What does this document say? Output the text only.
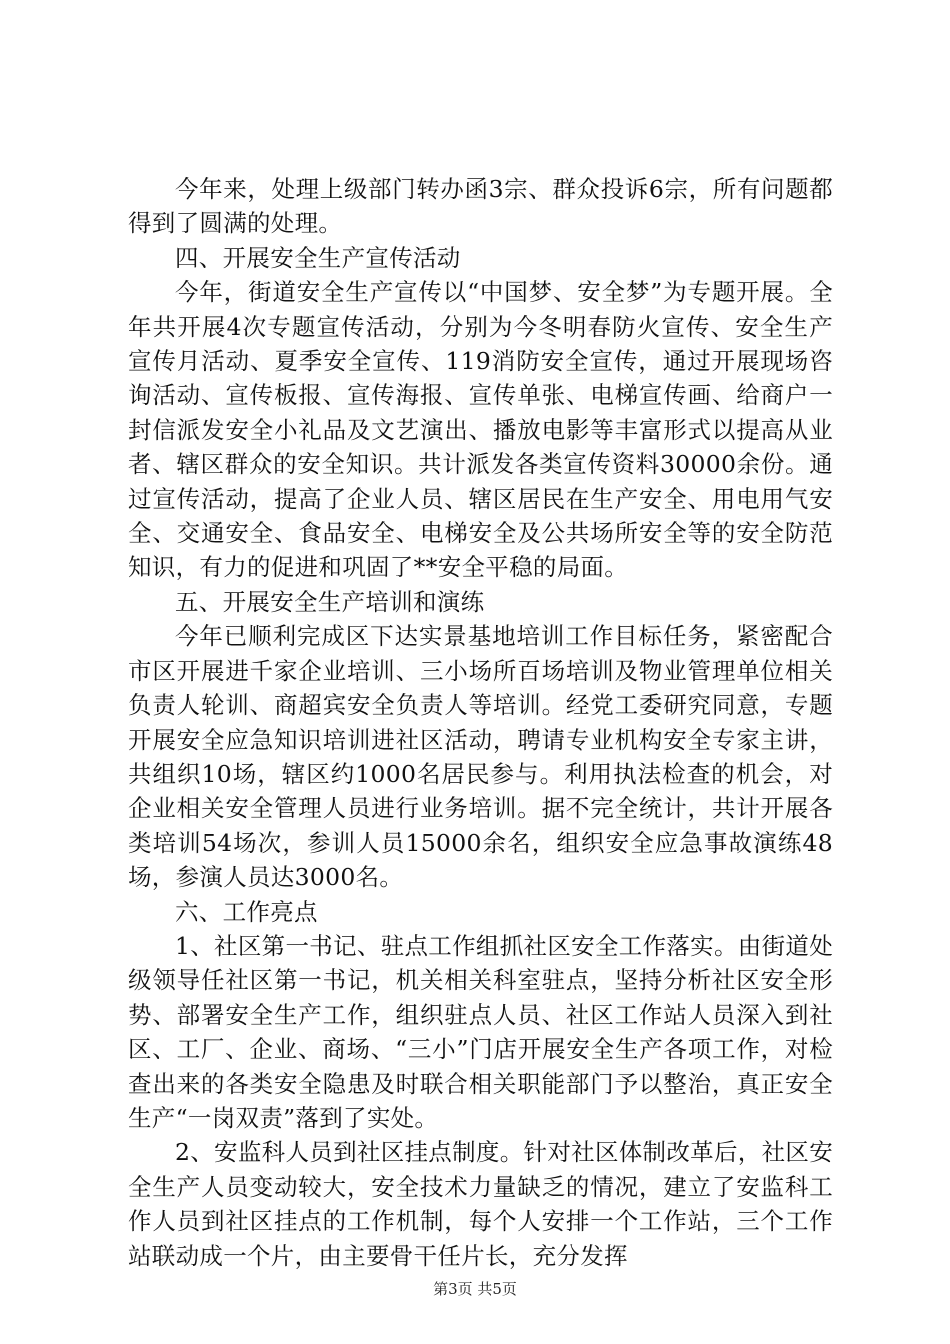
今年来，处理上级部门转办函3宗、群众投诉6宗，所有问题都得到了圆满的处理。

四、开展安全生产宣传活动

今年，街道安全生产宣传以“中国梦、安全梦”为专题开展。全年共开展4次专题宣传活动，分别为今冬明春防火宣传、安全生产宣传月活动、夏季安全宣传、119消防安全宣传，通过开展现场咨询活动、宣传板报、宣传海报、宣传单张、电梯宣传画、给商户一封信派发安全小礼品及文艺演出、播放电影等丰富形式以提高从业者、辖区群众的安全知识。共计派发各类宣传资料30000余份。通过宣传活动，提高了企业人员、辖区居民在生产安全、用电用气安全、交通安全、食品安全、电梯安全及公共场所安全等的安全防范知识，有力的促进和巩固了**安全平稳的局面。

五、开展安全生产培训和演练

今年已顺利完成区下达实景基地培训工作目标任务，紧密配合市区开展进千家企业培训、三小场所百场培训及物业管理单位相关负责人轮训、商超宾安全负责人等培训。经党工委研究同意，专题开展安全应急知识培训进社区活动，聘请专业机构安全专家主讲，共组织10场，辖区约1000名居民参与。利用执法检查的机会，对企业相关安全管理人员进行业务培训。据不完全统计，共计开展各类培训54场次，参训人员15000余名，组织安全应急事故演练48场，参演人员达3000名。

六、工作亮点

1、社区第一书记、驻点工作组抓社区安全工作落实。由街道处级领导任社区第一书记，机关相关科室驻点，坚持分析社区安全形势、部署安全生产工作，组织驻点人员、社区工作站人员深入到社区、工厂、企业、商场、“三小”门店开展安全生产各项工作，对检查出来的各类安全隐患及时联合相关职能部门予以整治，真正安全生产“一岗双责”落到了实处。

2、安监科人员到社区挂点制度。针对社区体制改革后，社区安全生产人员变动较大，安全技术力量缺乏的情况，建立了安监科工作人员到社区挂点的工作机制，每个人安排一个工作站，三个工作站联动成一个片，由主要骨干任片长，充分发挥

第3页 共5页
